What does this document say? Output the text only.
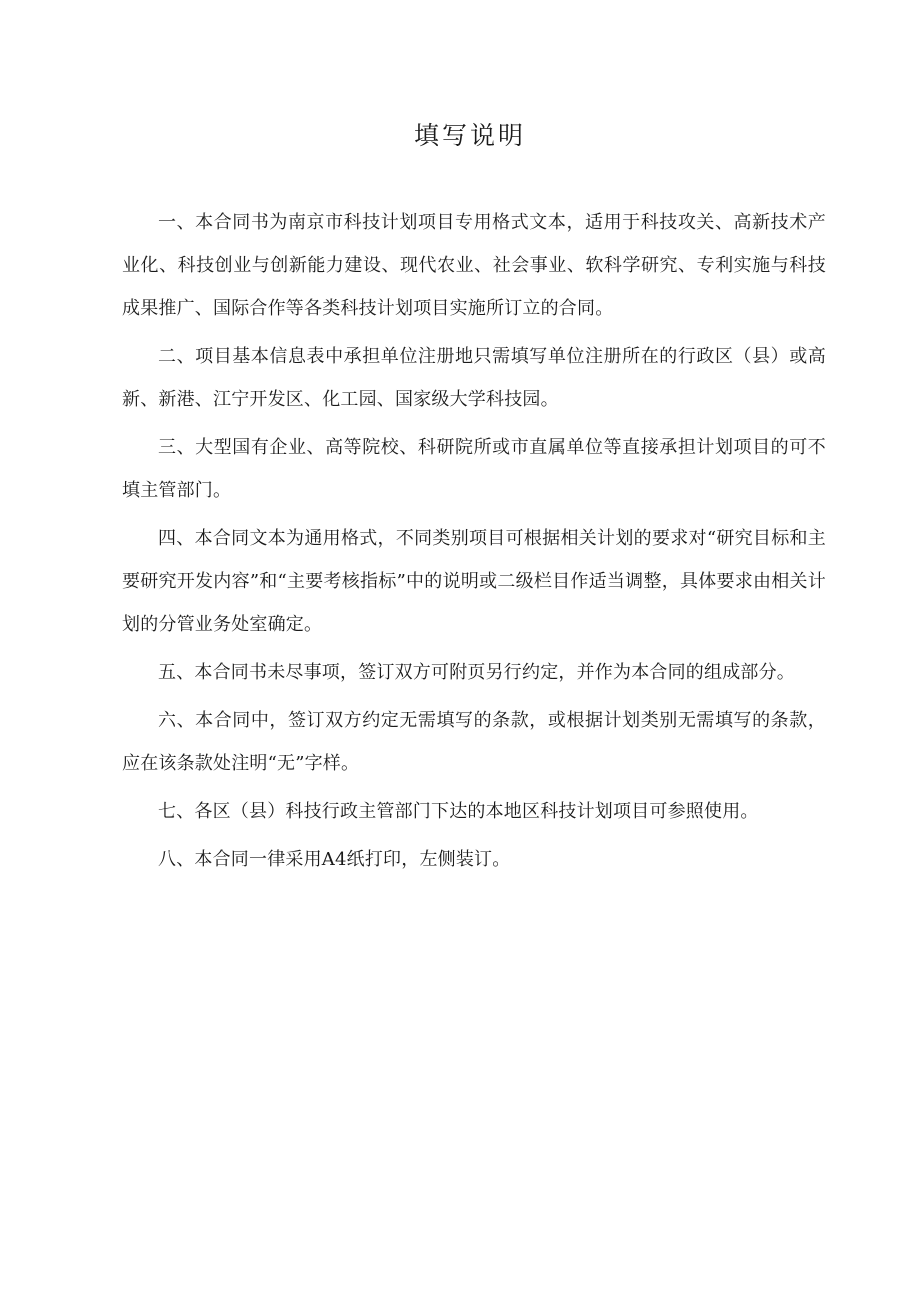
填写说明

一、本合同书为南京市科技计划项目专用格式文本，适用于科技攻关、高新技术产业化、科技创业与创新能力建设、现代农业、社会事业、软科学研究、专利实施与科技成果推广、国际合作等各类科技计划项目实施所订立的合同。

二、项目基本信息表中承担单位注册地只需填写单位注册所在的行政区（县）或高新、新港、江宁开发区、化工园、国家级大学科技园。

三、大型国有企业、高等院校、科研院所或市直属单位等直接承担计划项目的可不填主管部门。

四、本合同文本为通用格式，不同类别项目可根据相关计划的要求对“研究目标和主要研究开发内容”和“主要考核指标”中的说明或二级栏目作适当调整，具体要求由相关计划的分管业务处室确定。

五、本合同书未尽事项，签订双方可附页另行约定，并作为本合同的组成部分。

六、本合同中，签订双方约定无需填写的条款，或根据计划类别无需填写的条款，应在该条款处注明“无”字样。

七、各区（县）科技行政主管部门下达的本地区科技计划项目可参照使用。

八、本合同一律采用A4纸打印，左侧装订。
